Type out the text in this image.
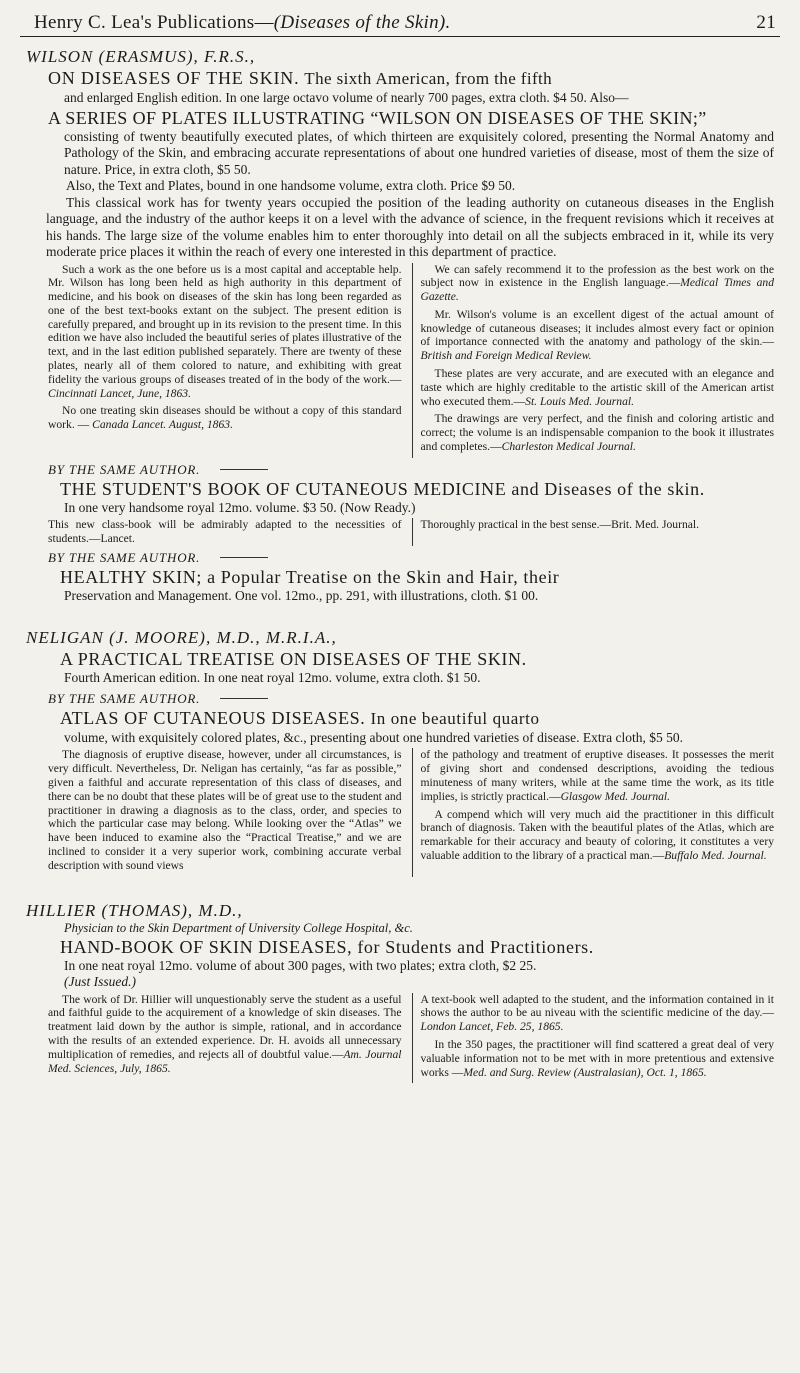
Henry C. Lea's Publications—(Diseases of the Skin).	21
WILSON (ERASMUS), F.R.S.,
ON DISEASES OF THE SKIN. The sixth American, from the fifth
and enlarged English edition. In one large octavo volume of nearly 700 pages, extra cloth. $4 50. Also—
A SERIES OF PLATES ILLUSTRATING “WILSON ON DISEASES OF THE SKIN;”
consisting of twenty beautifully executed plates, of which thirteen are exquisitely colored, presenting the Normal Anatomy and Pathology of the Skin, and embracing accurate representations of about one hundred varieties of disease, most of them the size of nature. Price, in extra cloth, $5 50.
Also, the Text and Plates, bound in one handsome volume, extra cloth. Price $9 50.
This classical work has for twenty years occupied the position of the leading authority on cutaneous diseases in the English language, and the industry of the author keeps it on a level with the advance of science, in the frequent revisions which it receives at his hands. The large size of the volume enables him to enter thoroughly into detail on all the subjects embraced in it, while its very moderate price places it within the reach of every one interested in this department of practice.

Such a work as the one before us is a most capital and acceptable help. Mr. Wilson has long been held as high authority in this department of medicine, and his book on diseases of the skin has long been regarded as one of the best text-books extant on the subject. The present edition is carefully prepared, and brought up in its revision to the present time. In this edition we have also included the beautiful series of plates illustrative of the text, and in the last edition published separately. There are twenty of these plates, nearly all of them colored to nature, and exhibiting with great fidelity the various groups of diseases treated of in the body of the work.—Cincinnati Lancet, June, 1863.

No one treating skin diseases should be without a copy of this standard work. — Canada Lancet. August, 1863.

We can safely recommend it to the profession as the best work on the subject now in existence in the English language.—Medical Times and Gazette.

Mr. Wilson's volume is an excellent digest of the actual amount of knowledge of cutaneous diseases; it includes almost every fact or opinion of importance connected with the anatomy and pathology of the skin.—British and Foreign Medical Review.

These plates are very accurate, and are executed with an elegance and taste which are highly creditable to the artistic skill of the American artist who executed them.—St. Louis Med. Journal.

The drawings are very perfect, and the finish and coloring artistic and correct; the volume is an indispensable companion to the book it illustrates and completes.—Charleston Medical Journal.

BY THE SAME AUTHOR.
THE STUDENT'S BOOK OF CUTANEOUS MEDICINE and Diseases of the skin.
In one very handsome royal 12mo. volume. $3 50. (Now Ready.)
This new class-book will be admirably adapted to the necessities of students.—Lancet.
Thoroughly practical in the best sense.—Brit. Med. Journal.
BY THE SAME AUTHOR.
HEALTHY SKIN; a Popular Treatise on the Skin and Hair, their
Preservation and Management. One vol. 12mo., pp. 291, with illustrations, cloth. $1 00.
NELIGAN (J. MOORE), M.D., M.R.I.A.,
A PRACTICAL TREATISE ON DISEASES OF THE SKIN.
Fourth American edition. In one neat royal 12mo. volume, extra cloth. $1 50.
BY THE SAME AUTHOR.
ATLAS OF CUTANEOUS DISEASES. In one beautiful quarto
volume, with exquisitely colored plates, &c., presenting about one hundred varieties of disease. Extra cloth, $5 50.

The diagnosis of eruptive disease, however, under all circumstances, is very difficult. Nevertheless, Dr. Neligan has certainly, “as far as possible,” given a faithful and accurate representation of this class of diseases, and there can be no doubt that these plates will be of great use to the student and practitioner in drawing a diagnosis as to the class, order, and species to which the particular case may belong. While looking over the “Atlas” we have been induced to examine also the “Practical Treatise,” and we are inclined to consider it a very superior work, combining accurate verbal description with sound views

of the pathology and treatment of eruptive diseases. It possesses the merit of giving short and condensed descriptions, avoiding the tedious minuteness of many writers, while at the same time the work, as its title implies, is strictly practical.—Glasgow Med. Journal.

A compend which will very much aid the practitioner in this difficult branch of diagnosis. Taken with the beautiful plates of the Atlas, which are remarkable for their accuracy and beauty of coloring, it constitutes a very valuable addition to the library of a practical man.—Buffalo Med. Journal.

HILLIER (THOMAS), M.D.,
Physician to the Skin Department of University College Hospital, &c.
HAND-BOOK OF SKIN DISEASES, for Students and Practitioners.
In one neat royal 12mo. volume of about 300 pages, with two plates; extra cloth, $2 25.
(Just Issued.)

The work of Dr. Hillier will unquestionably serve the student as a useful and faithful guide to the acquirement of a knowledge of skin diseases. The treatment laid down by the author is simple, rational, and in accordance with the results of an extended experience. Dr. H. avoids all unnecessary multiplication of remedies, and rejects all of doubtful value.—Am. Journal Med. Sciences, July, 1865.

A text-book well adapted to the student, and the information contained in it shows the author to be au niveau with the scientific medicine of the day.—London Lancet, Feb. 25, 1865.

In the 350 pages, the practitioner will find scattered a great deal of very valuable information not to be met with in more pretentious and extensive works —Med. and Surg. Review (Australasian), Oct. 1, 1865.
